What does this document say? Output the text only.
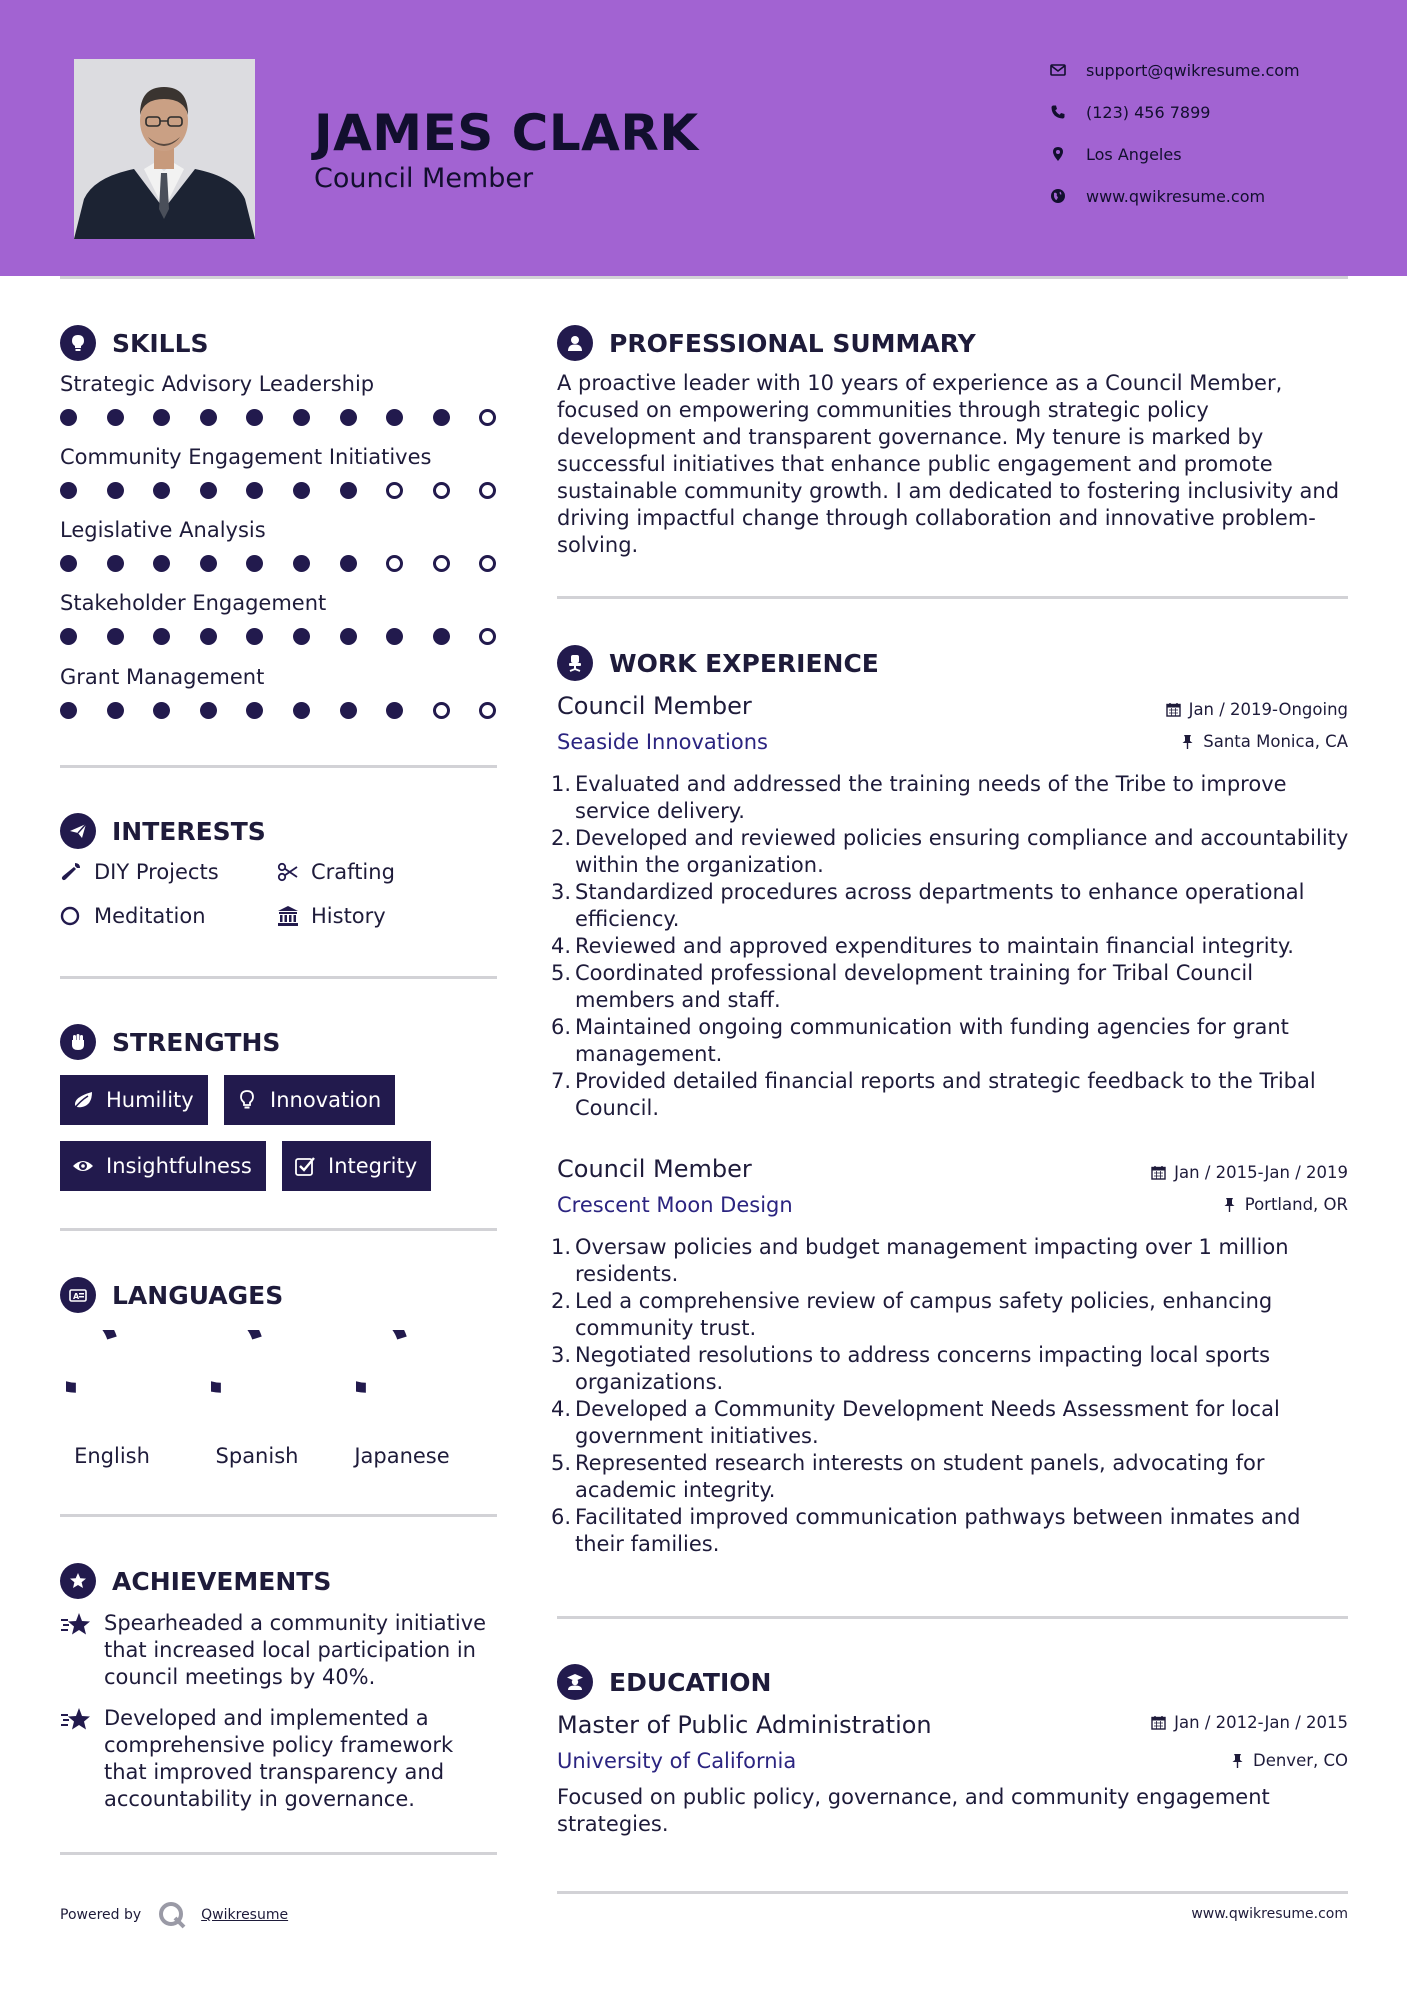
JAMES CLARK
Council Member
support@qwikresume.com
(123) 456 7899
Los Angeles
www.qwikresume.com
SKILLS
Strategic Advisory Leadership
Community Engagement Initiatives
Legislative Analysis
Stakeholder Engagement
Grant Management
INTERESTS
DIY Projects	Crafting
Meditation	History
STRENGTHS
Humility	Innovation
Insightfulness	Integrity
A LANGUAGES
English	Spanish	Japanese
ACHIEVEMENTS
Spearheaded a community initiative that increased local participation in council meetings by 40%.
Developed and implemented a comprehensive policy framework that improved transparency and accountability in governance.
PROFESSIONAL SUMMARY
A proactive leader with 10 years of experience as a Council Member, focused on empowering communities through strategic policy development and transparent governance. My tenure is marked by successful initiatives that enhance public engagement and promote sustainable community growth. I am dedicated to fostering inclusivity and driving impactful change through collaboration and innovative problem-solving.
WORK EXPERIENCE
Council Member	Jan / 2019-Ongoing
Seaside Innovations	Santa Monica, CA
1. Evaluated and addressed the training needs of the Tribe to improve service delivery.
2. Developed and reviewed policies ensuring compliance and accountability within the organization.
3. Standardized procedures across departments to enhance operational efficiency.
4. Reviewed and approved expenditures to maintain financial integrity.
5. Coordinated professional development training for Tribal Council members and staff.
6. Maintained ongoing communication with funding agencies for grant management.
7. Provided detailed financial reports and strategic feedback to the Tribal Council.
Council Member	Jan / 2015-Jan / 2019
Crescent Moon Design	Portland, OR
1. Oversaw policies and budget management impacting over 1 million residents.
2. Led a comprehensive review of campus safety policies, enhancing community trust.
3. Negotiated resolutions to address concerns impacting local sports organizations.
4. Developed a Community Development Needs Assessment for local government initiatives.
5. Represented research interests on student panels, advocating for academic integrity.
6. Facilitated improved communication pathways between inmates and their families.
EDUCATION
Master of Public Administration	Jan / 2012-Jan / 2015
University of California	Denver, CO
Focused on public policy, governance, and community engagement strategies.
Powered by	Qwikresume	www.qwikresume.com
